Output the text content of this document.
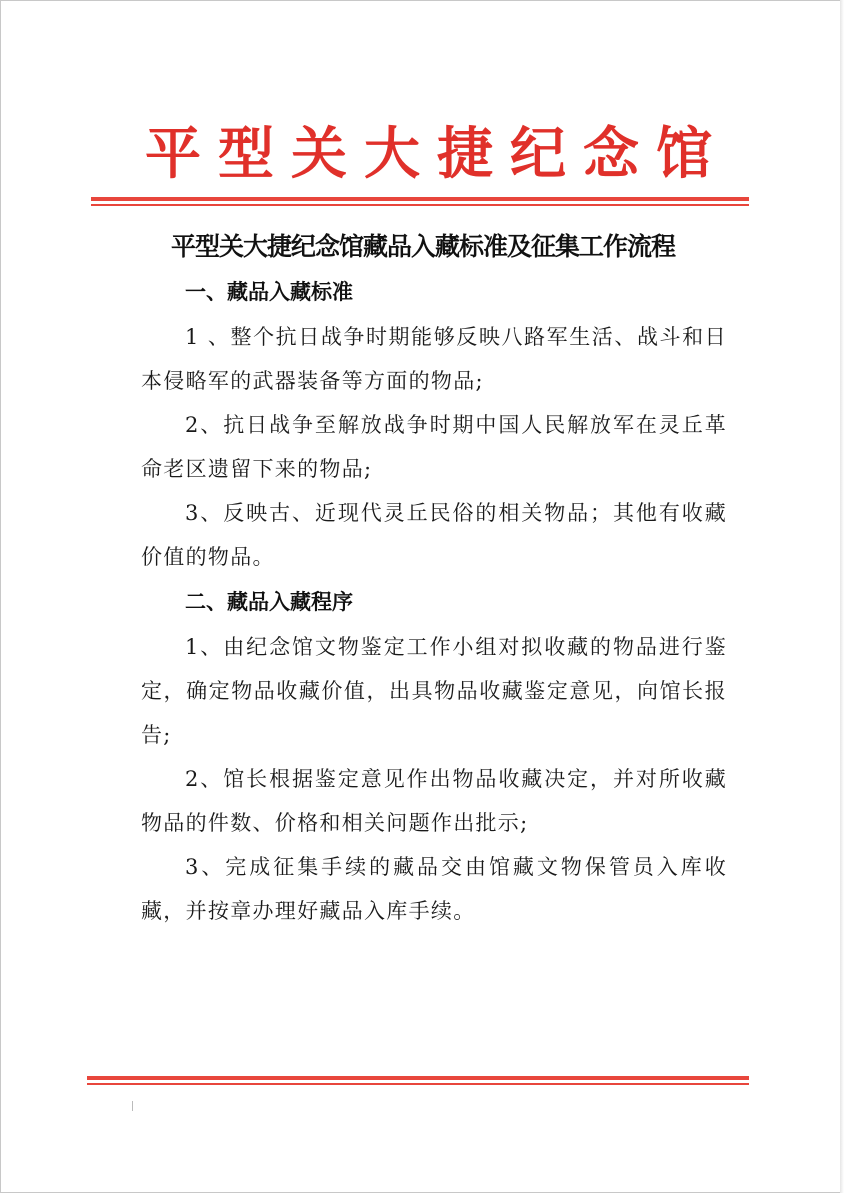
平型关大捷纪念馆
平型关大捷纪念馆藏品入藏标准及征集工作流程
一、藏品入藏标准
1 、整个抗日战争时期能够反映八路军生活、战斗和日本侵略军的武器装备等方面的物品;
2、抗日战争至解放战争时期中国人民解放军在灵丘革命老区遗留下来的物品;
3、反映古、近现代灵丘民俗的相关物品；其他有收藏价值的物品。
二、藏品入藏程序
1、由纪念馆文物鉴定工作小组对拟收藏的物品进行鉴定，确定物品收藏价值，出具物品收藏鉴定意见，向馆长报告;
2、馆长根据鉴定意见作出物品收藏决定，并对所收藏物品的件数、价格和相关问题作出批示;
3、完成征集手续的藏品交由馆藏文物保管员入库收藏，并按章办理好藏品入库手续。
